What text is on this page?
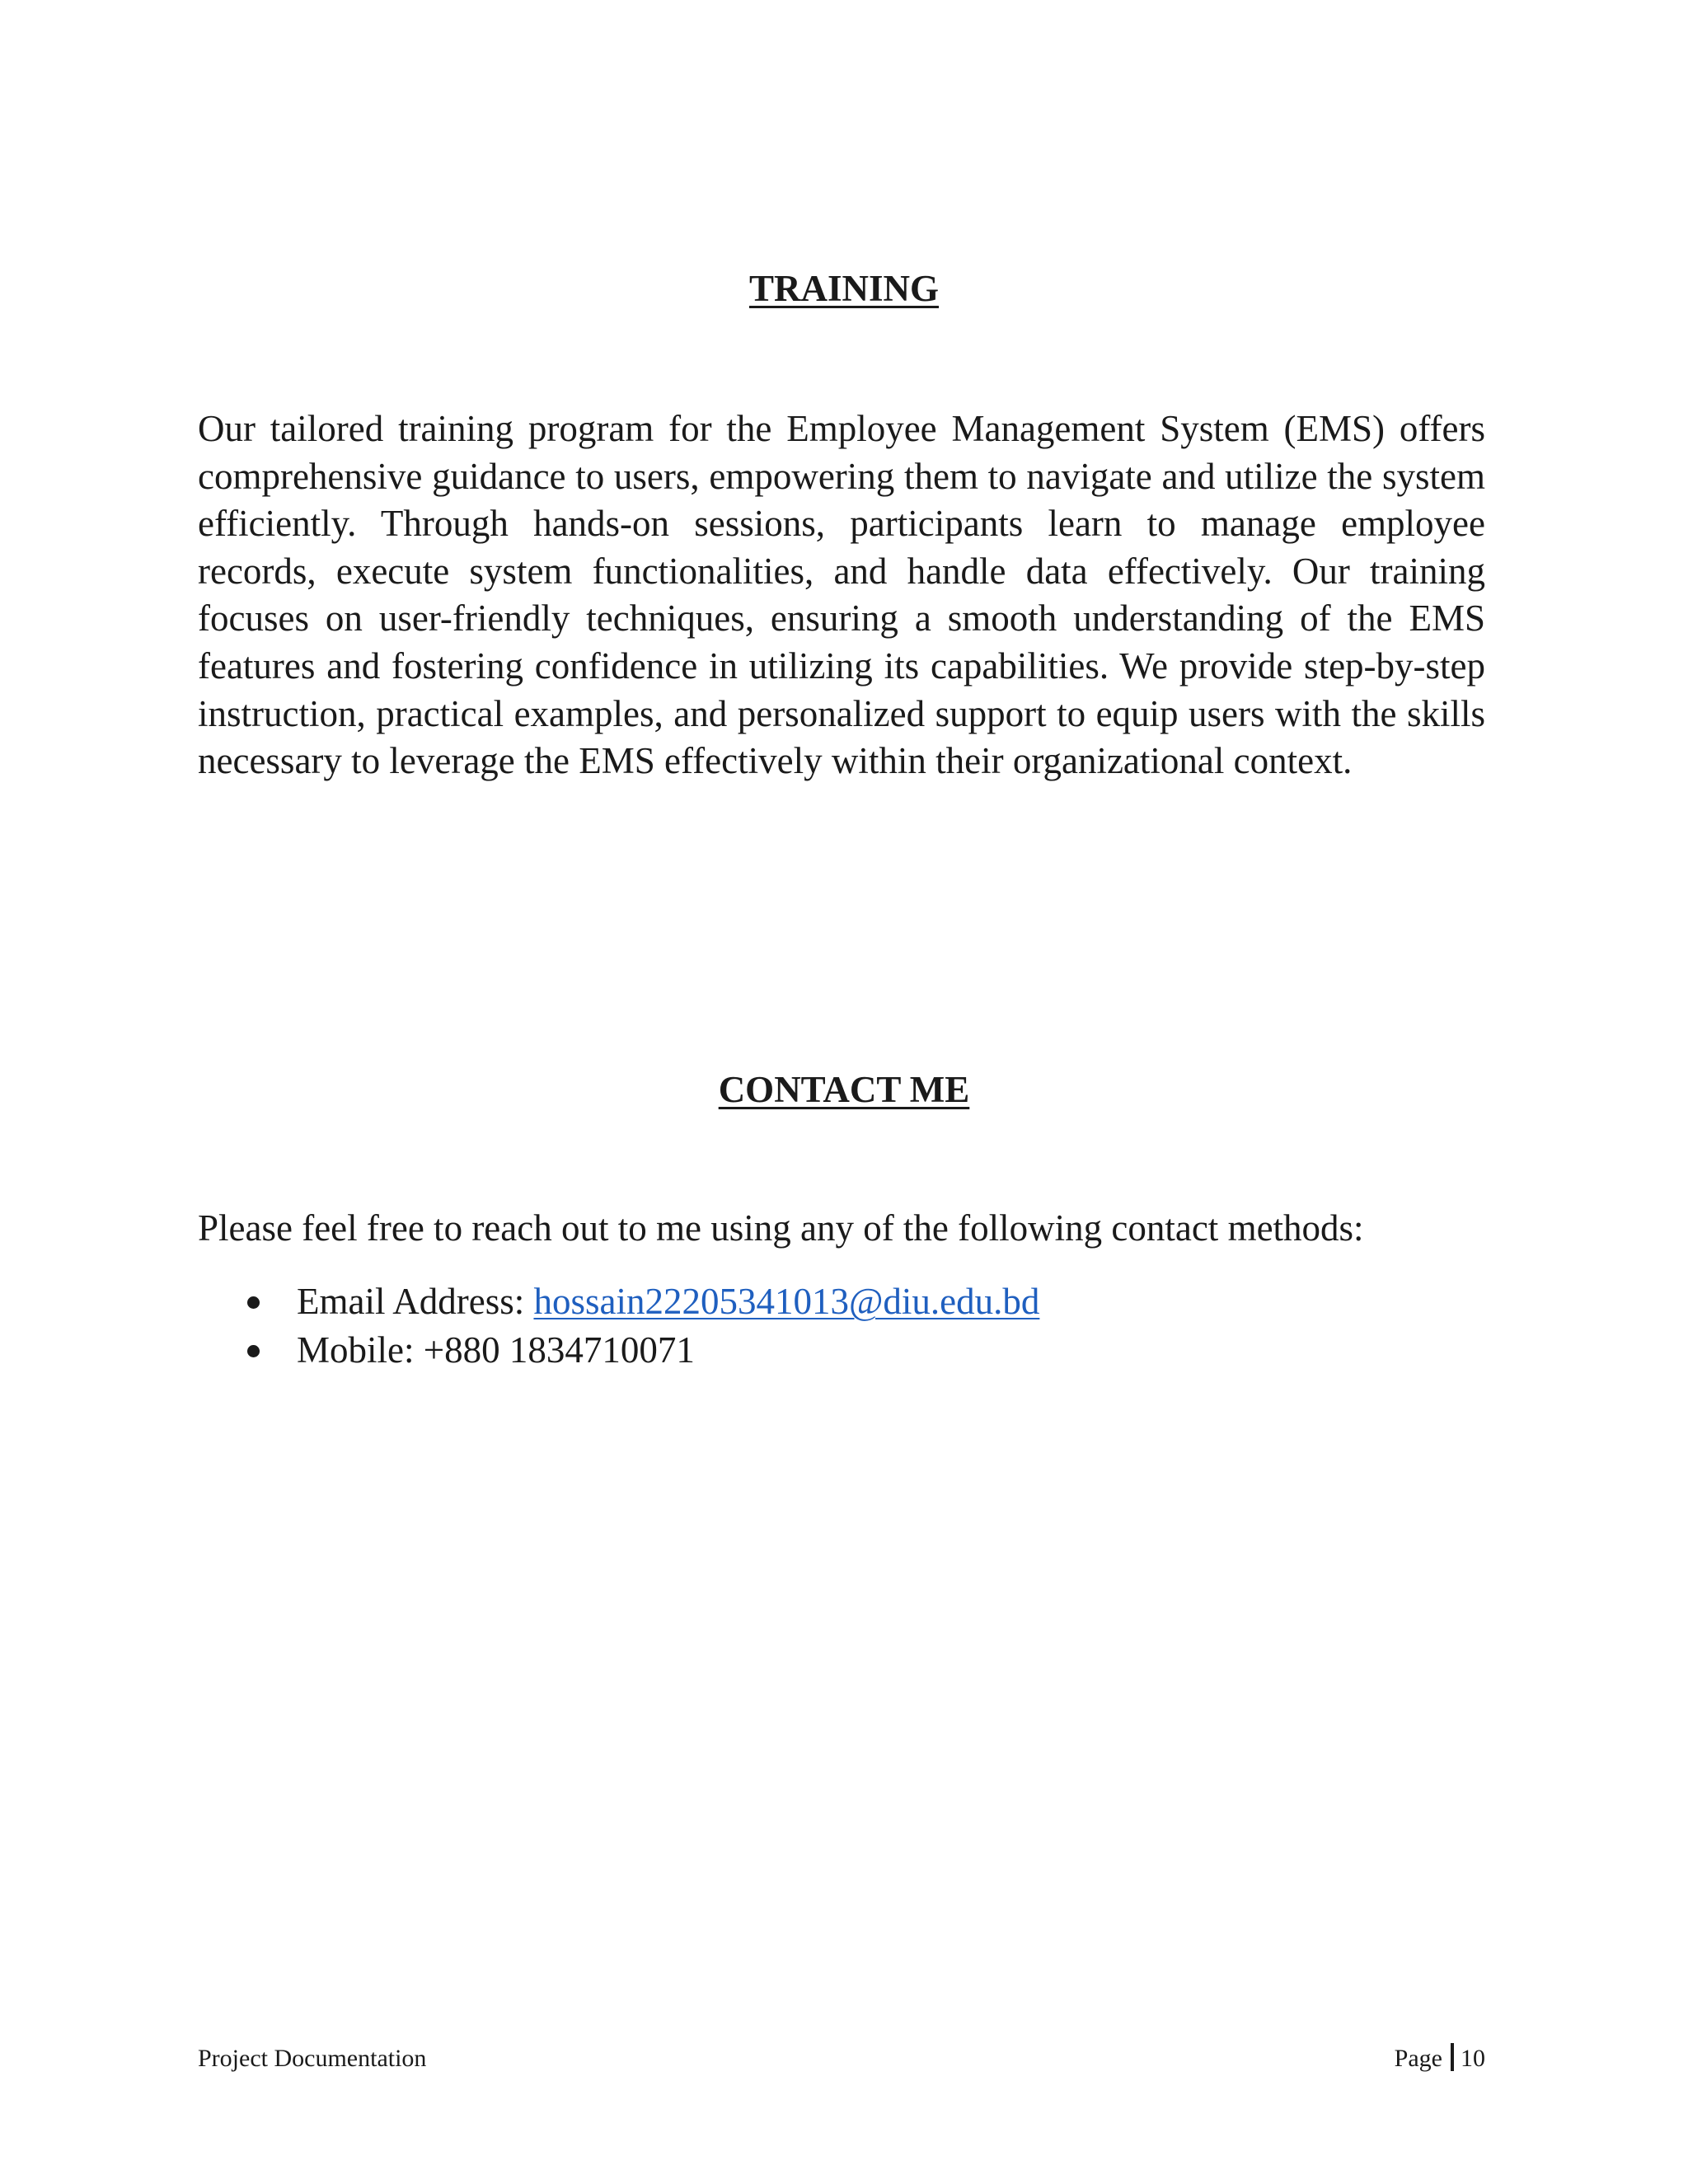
TRAINING

Our tailored training program for the Employee Management System (EMS) offers comprehensive guidance to users, empowering them to navigate and utilize the system efficiently. Through hands-on sessions, participants learn to manage employee records, execute system functionalities, and handle data effectively. Our training focuses on user-friendly techniques, ensuring a smooth understanding of the EMS features and fostering confidence in utilizing its capabilities. We provide step-by-step instruction, practical examples, and personalized support to equip users with the skills necessary to leverage the EMS effectively within their organizational context.

CONTACT ME

Please feel free to reach out to me using any of the following contact methods:

Email Address: hossain22205341013@diu.edu.bd
Mobile: +880 1834710071

Project Documentation	Page 10
